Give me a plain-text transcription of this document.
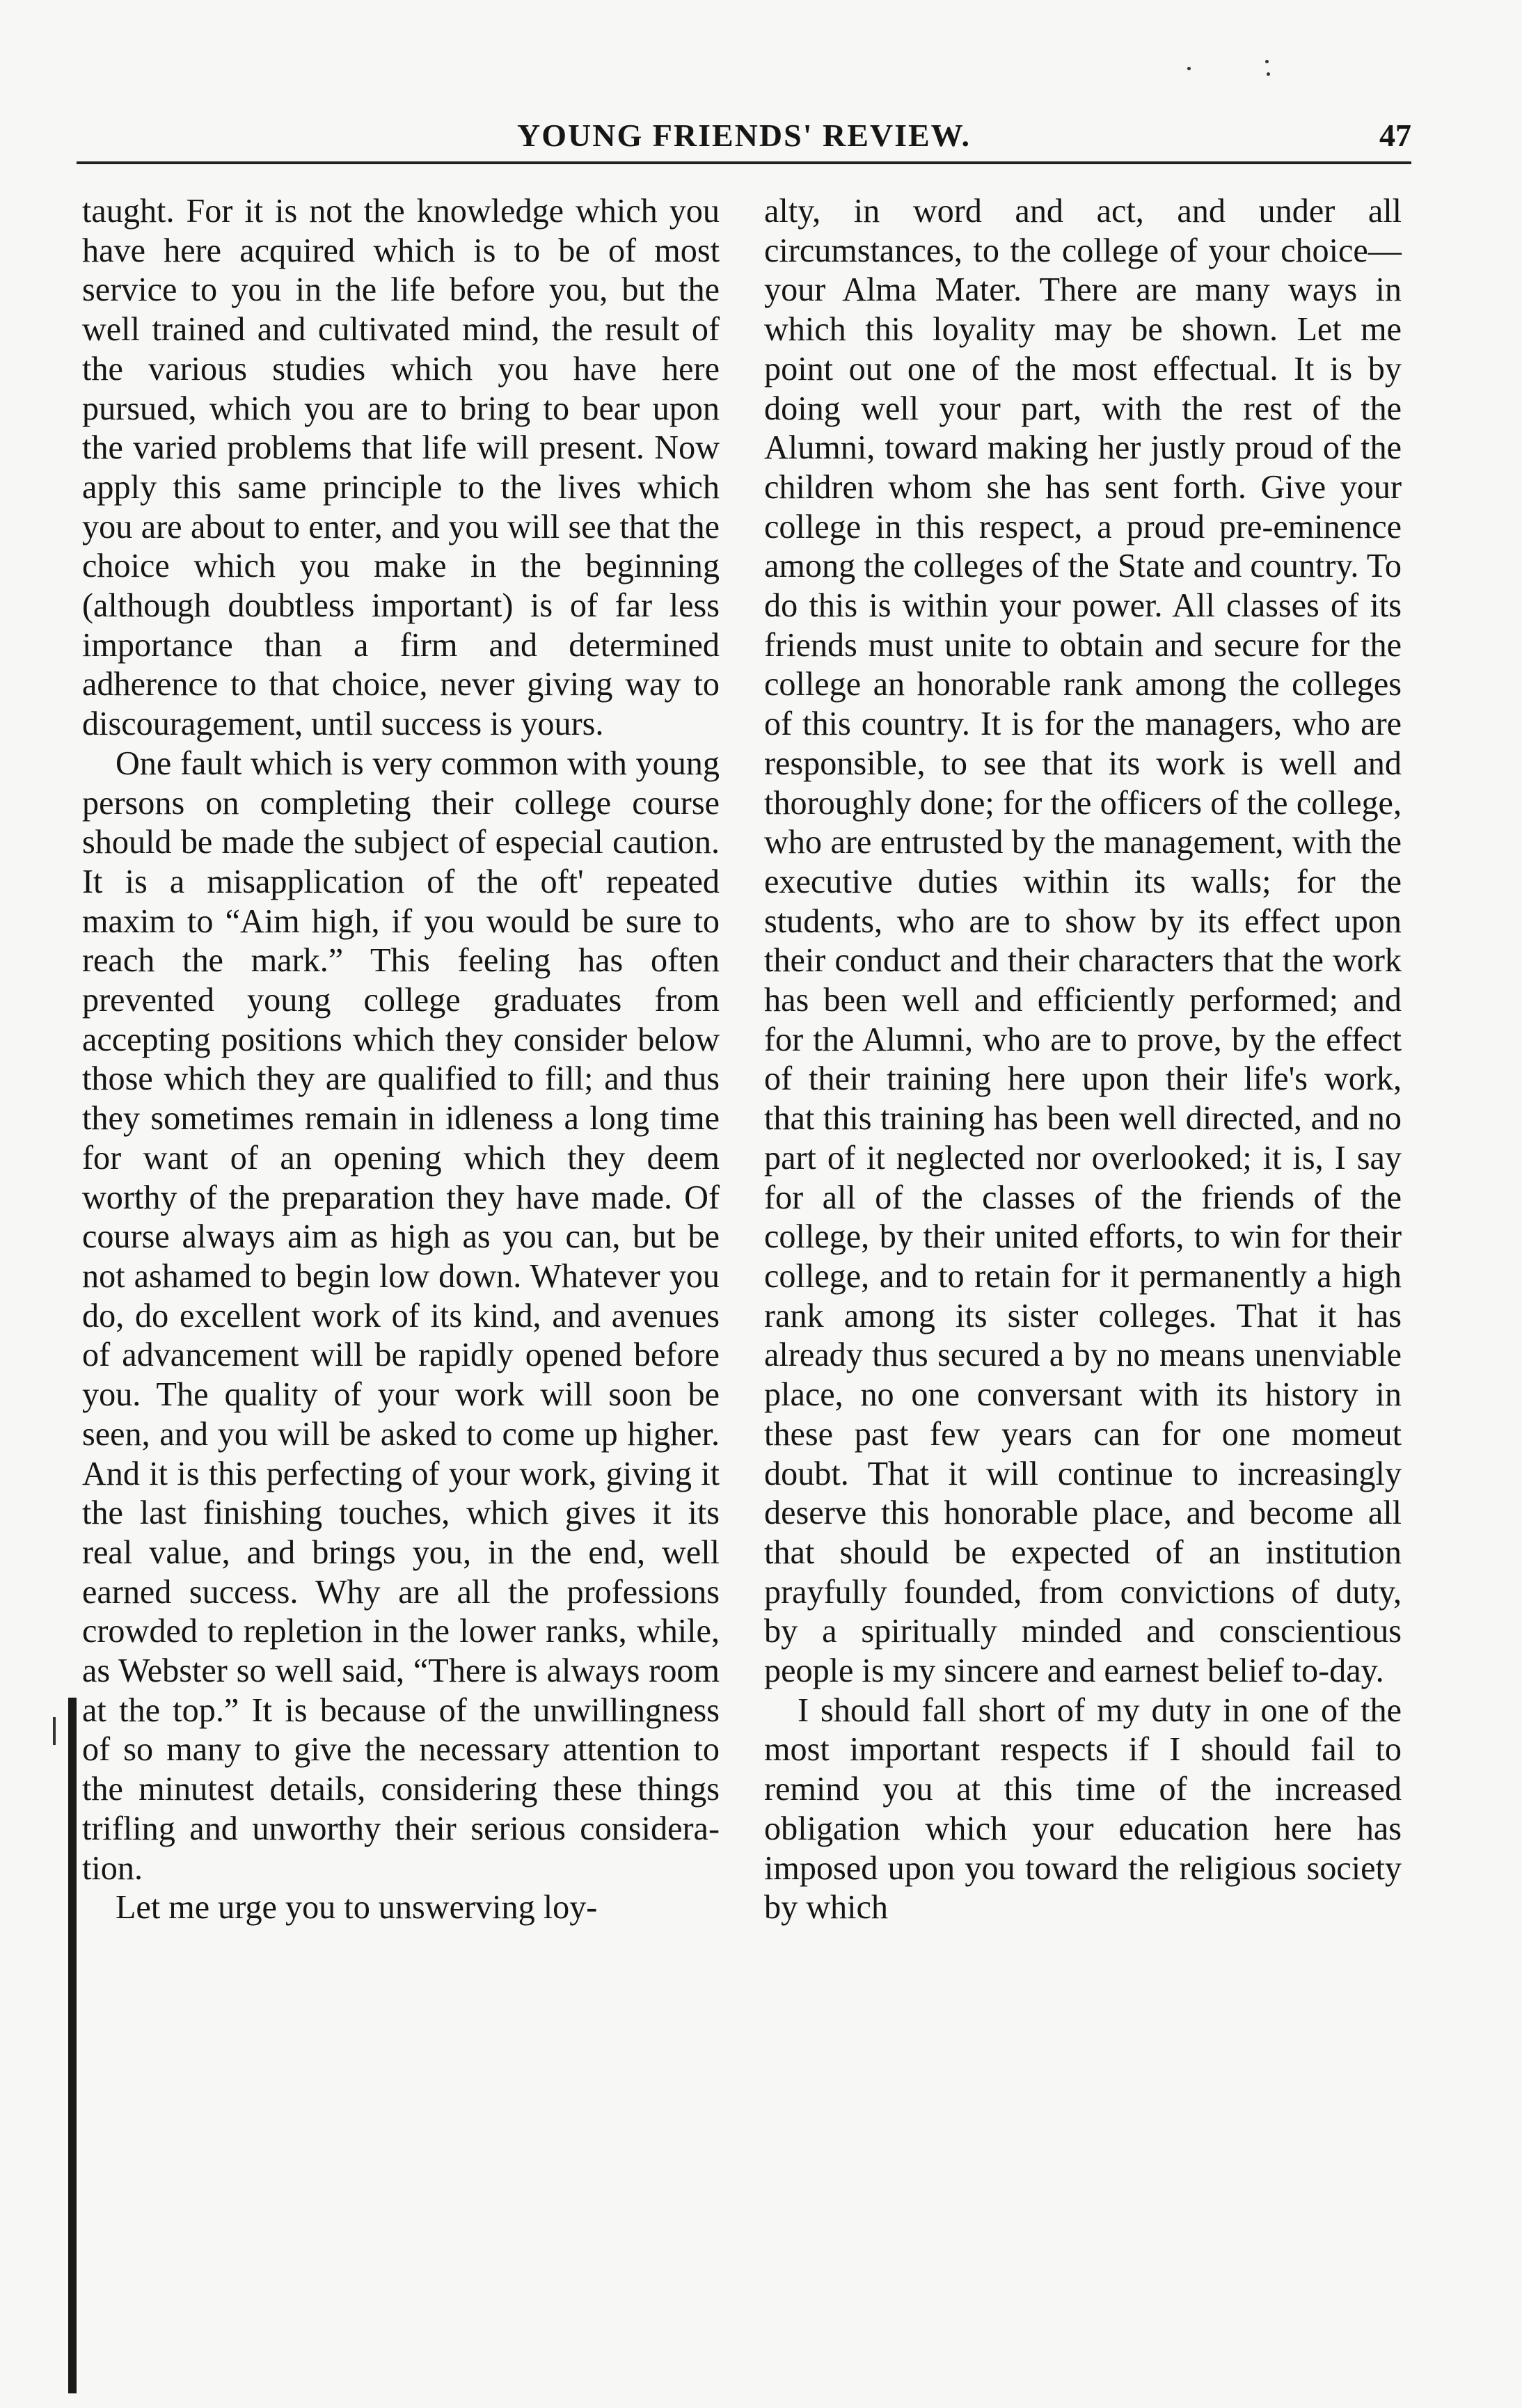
YOUNG FRIENDS' REVIEW.	47

taught. For it is not the knowledge which you have here acquired which is to be of most service to you in the life before you, but the well trained and cultivated mind, the result of the various studies which you have here pursued, which you are to bring to bear upon the varied problems that life will present. Now apply this same principle to the lives which you are about to enter, and you will see that the choice which you make in the beginning (although doubtless important) is of far less importance than a firm and determined adherence to that choice, never giving way to discouragement, until success is yours.

One fault which is very common with young persons on completing their college course should be made the subject of especial caution. It is a misapplication of the oft' repeated maxim to “Aim high, if you would be sure to reach the mark.” This feeling has often prevented young college graduates from accepting positions which they consider below those which they are qualified to fill; and thus they sometimes remain in idleness a long time for want of an opening which they deem worthy of the preparation they have made. Of course always aim as high as you can, but be not ashamed to begin low down. Whatever you do, do excellent work of its kind, and avenues of advancement will be rapidly opened before you. The quality of your work will soon be seen, and you will be asked to come up higher. And it is this perfecting of your work, giving it the last finishing touches, which gives it its real value, and brings you, in the end, well earned success. Why are all the professions crowded to repletion in the lower ranks, while, as Webster so well said, “There is always room at the top.” It is because of the unwillingness of so many to give the necessary attention to the minutest details, considering these things trifling and unworthy their serious consideration.

Let me urge you to unswerving loy-

alty, in word and act, and under all circumstances, to the college of your choice—your Alma Mater. There are many ways in which this loyality may be shown. Let me point out one of the most effectual. It is by doing well your part, with the rest of the Alumni, toward making her justly proud of the children whom she has sent forth. Give your college in this respect, a proud pre-eminence among the colleges of the State and country. To do this is within your power. All classes of its friends must unite to obtain and secure for the college an honorable rank among the colleges of this country. It is for the managers, who are responsible, to see that its work is well and thoroughly done; for the officers of the college, who are entrusted by the management, with the executive duties within its walls; for the students, who are to show by its effect upon their conduct and their characters that the work has been well and efficiently performed; and for the Alumni, who are to prove, by the effect of their training here upon their life's work, that this training has been well directed, and no part of it neglected nor overlooked; it is, I say for all of the classes of the friends of the college, by their united efforts, to win for their college, and to retain for it permanently a high rank among its sister colleges. That it has already thus secured a by no means unenviable place, no one conversant with its history in these past few years can for one momeut doubt. That it will continue to increasingly deserve this honorable place, and become all that should be expected of an institution prayfully founded, from convictions of duty, by a spiritually minded and conscientious people is my sincere and earnest belief to-day.

I should fall short of my duty in one of the most important respects if I should fail to remind you at this time of the increased obligation which your education here has imposed upon you toward the religious society by which
